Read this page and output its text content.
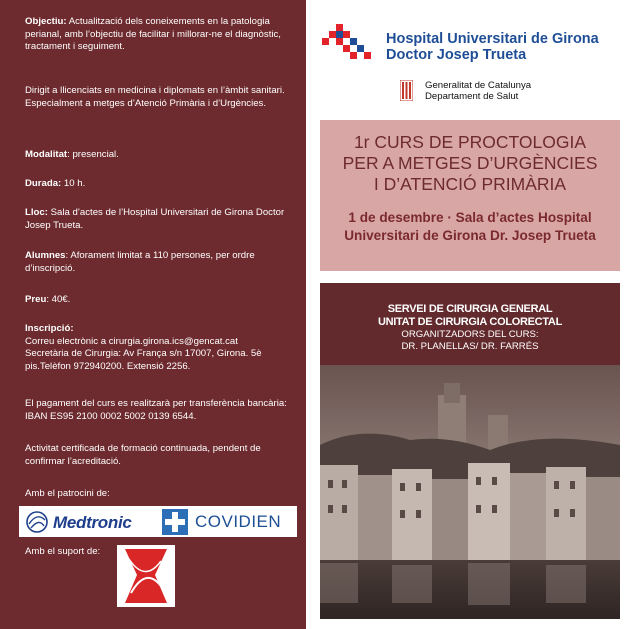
Objectiu: Actualització dels coneixements en la patologia perianal, amb l’objectiu de facilitar i millorar-ne el diagnòstic, tractament i seguiment.
Dirigit a llicenciats en medicina i diplomats en l’àmbit sanitari. Especialment a metges d’Atenció Primària i d’Urgències.
Modalitat: presencial.
Durada: 10 h.
Lloc: Sala d’actes de l’Hospital Universitari de Girona Doctor Josep Trueta.
Alumnes: Aforament limitat a 110 persones, per ordre d’inscripció.
Preu: 40€.
Inscripció:
Correu electrònic a cirurgia.girona.ics@gencat.cat
Secretària de Cirurgia: Av França s/n 17007, Girona. 5è pis.Telèfon 972940200. Extensió 2256.
El pagament del curs es realitzarà per transferència bancària: IBAN ES95 2100 0002 5002 0139 6544.
Activitat certificada de formació continuada, pendent de confirmar l’acreditació.
Amb el patrocini de:
Medtronic	COVIDIEN
Amb el suport de:
Hospital Universitari de Girona
Doctor Josep Trueta
Generalitat de Catalunya
Departament de Salut
1r CURS DE PROCTOLOGIA
PER A METGES D’URGÈNCIES
I D’ATENCIÓ PRIMÀRIA
1 de desembre · Sala d’actes Hospital
Universitari de Girona Dr. Josep Trueta
SERVEI DE CIRURGIA GENERAL
UNITAT DE CIRURGIA COLORECTAL
ORGANITZADORS DEL CURS:
DR. PLANELLAS/ DR. FARRÉS
